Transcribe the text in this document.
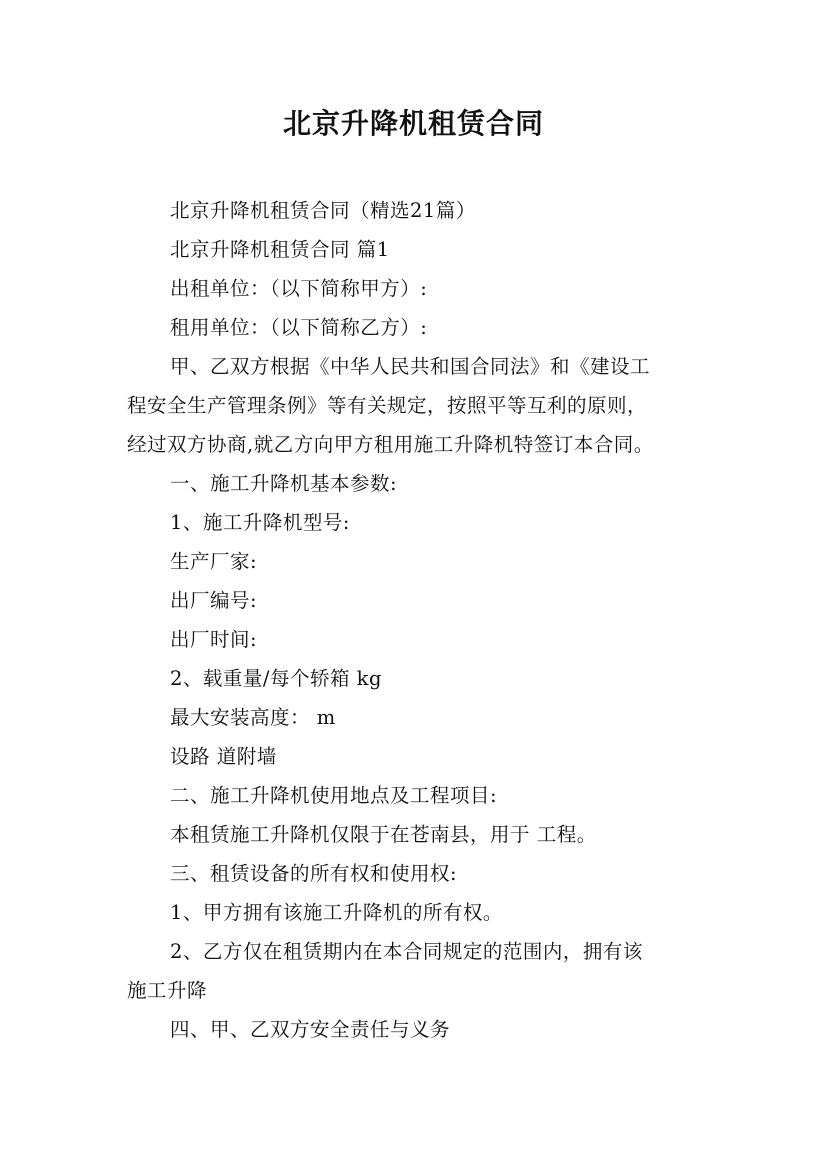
北京升降机租赁合同
北京升降机租赁合同（精选21篇）
北京升降机租赁合同 篇1
出租单位：（以下简称甲方）:
租用单位：（以下简称乙方）:
甲、乙双方根据《中华人民共和国合同法》和《建设工
程安全生产管理条例》等有关规定，按照平等互利的原则，
经过双方协商,就乙方向甲方租用施工升降机特签订本合同。
一、施工升降机基本参数:
1、施工升降机型号:
生产厂家:
出厂编号:
出厂时间:
2、载重量/每个轿箱 kg
最大安装高度： m
设路 道附墙
二、施工升降机使用地点及工程项目:
本租赁施工升降机仅限于在苍南县，用于 工程。
三、租赁设备的所有权和使用权:
1、甲方拥有该施工升降机的所有权。
2、乙方仅在租赁期内在本合同规定的范围内，拥有该
施工升降
四、甲、乙双方安全责任与义务
